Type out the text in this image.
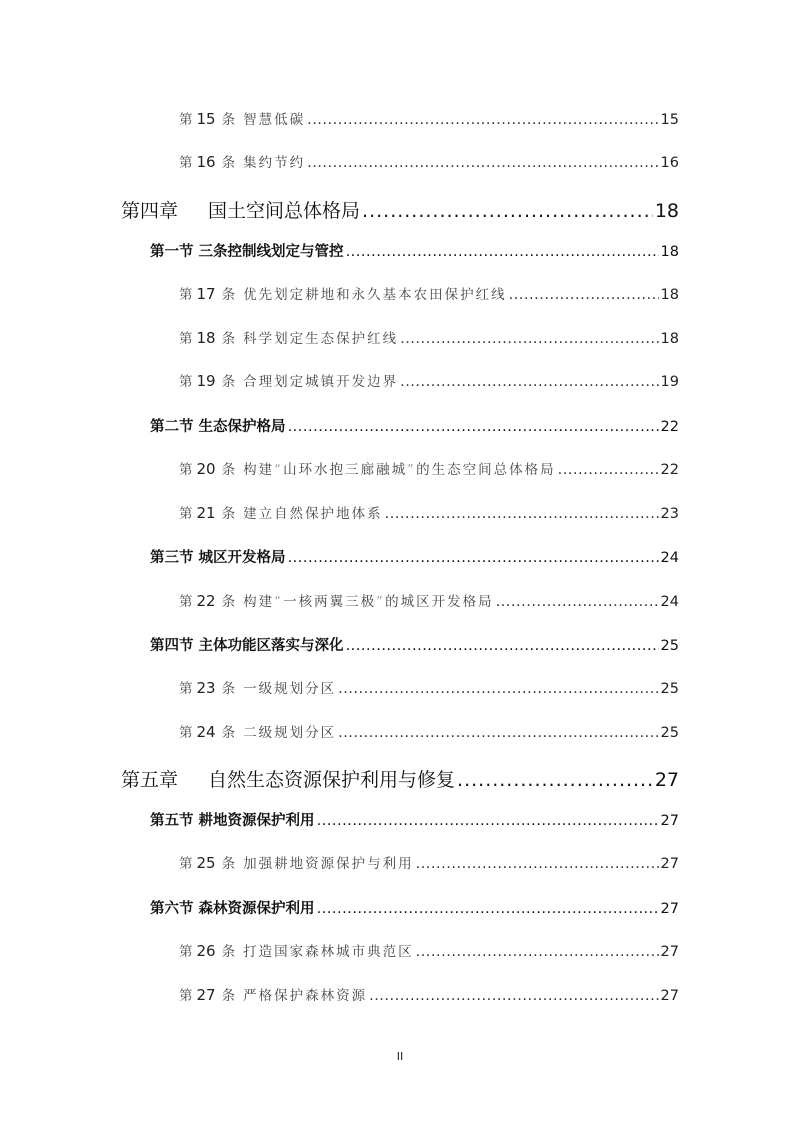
第 15 条 智慧低碳 .....	15
第 16 条 集约节约 .....	16
第四章 国土空间总体格局 .....	18
第一节 三条控制线划定与管控 .....	18
第 17 条 优先划定耕地和永久基本农田保护红线 .....	18
第 18 条 科学划定生态保护红线 .....	18
第 19 条 合理划定城镇开发边界 .....	19
第二节 生态保护格局 .....	22
第 20 条 构建“山环水抱三廊融城”的生态空间总体格局 .....	22
第 21 条 建立自然保护地体系 .....	23
第三节 城区开发格局 .....	24
第 22 条 构建“一核两翼三极”的城区开发格局 .....	24
第四节 主体功能区落实与深化 .....	25
第 23 条 一级规划分区 .....	25
第 24 条 二级规划分区 .....	25
第五章 自然生态资源保护利用与修复 .....	27
第五节 耕地资源保护利用 .....	27
第 25 条 加强耕地资源保护与利用 .....	27
第六节 森林资源保护利用 .....	27
第 26 条 打造国家森林城市典范区 .....	27
第 27 条 严格保护森林资源 .....	27
II
